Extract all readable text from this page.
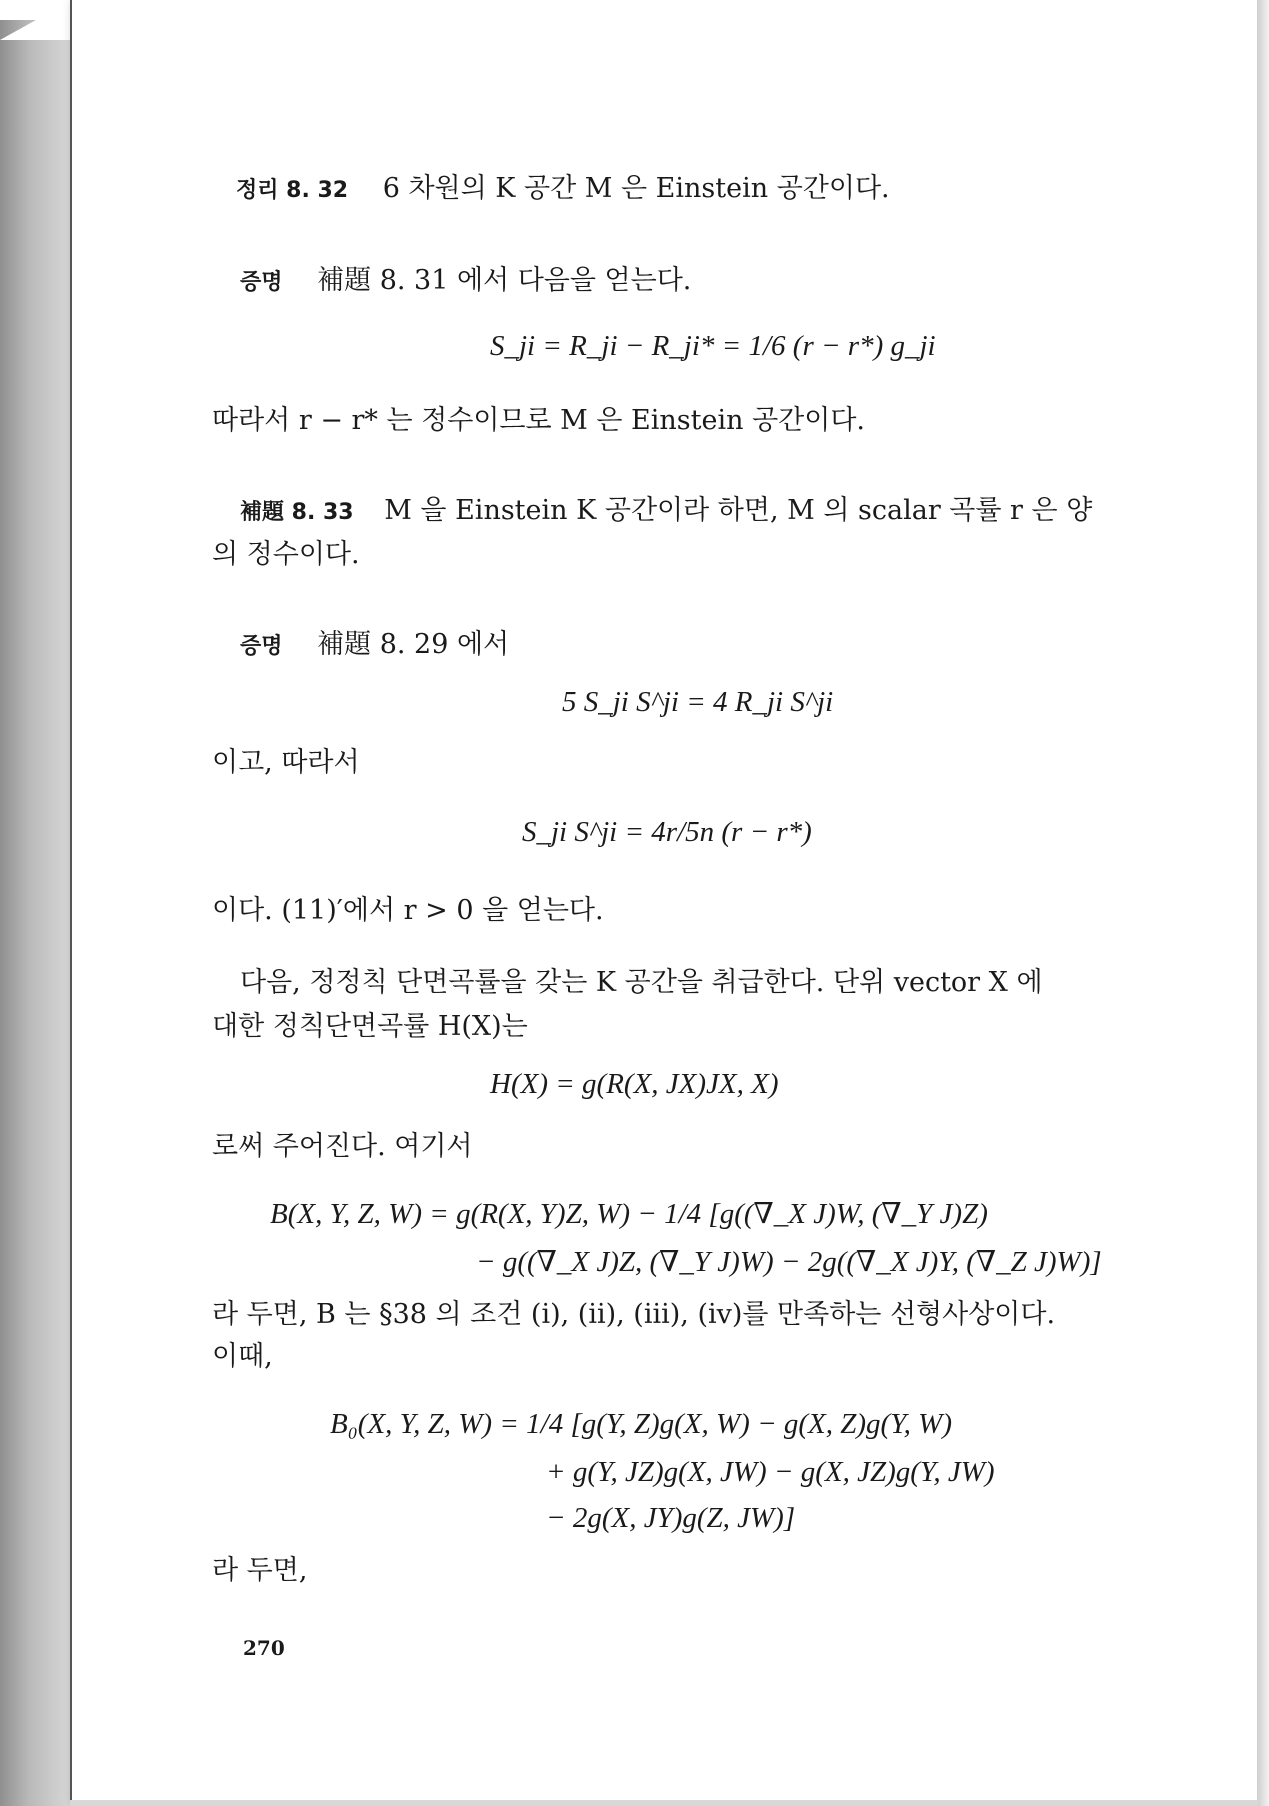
정리 8. 32 6 차원의 K 공간 M 은 Einstein 공간이다.
증명 補題 8. 31 에서 다음을 얻는다.
S_ji = R_ji − R_ji* = 1/6 (r − r*) g_ji
따라서 r − r* 는 정수이므로 M 은 Einstein 공간이다.
補題 8. 33 M 을 Einstein K 공간이라 하면, M 의 scalar 곡률 r 은 양
의 정수이다.
증명 補題 8. 29 에서
5 S_ji S^ji = 4 R_ji S^ji
이고, 따라서
S_ji S^ji = 4r/5n (r − r*)
이다. (11)′에서 r > 0 을 얻는다.
다음, 정정칙 단면곡률을 갖는 K 공간을 취급한다. 단위 vector X 에
대한 정칙단면곡률 H(X)는
H(X) = g(R(X, JX)JX, X)
로써 주어진다. 여기서
B(X, Y, Z, W) = g(R(X, Y)Z, W) − 1/4 [g((∇_X J)W, (∇_Y J)Z)
− g((∇_X J)Z, (∇_Y J)W) − 2g((∇_X J)Y, (∇_Z J)W)]
라 두면, B 는 §38 의 조건 (i), (ii), (iii), (iv)를 만족하는 선형사상이다.
이때,
B₀(X, Y, Z, W) = 1/4 [g(Y, Z)g(X, W) − g(X, Z)g(Y, W)
+ g(Y, JZ)g(X, JW) − g(X, JZ)g(Y, JW)
− 2g(X, JY)g(Z, JW)]
라 두면,
270
